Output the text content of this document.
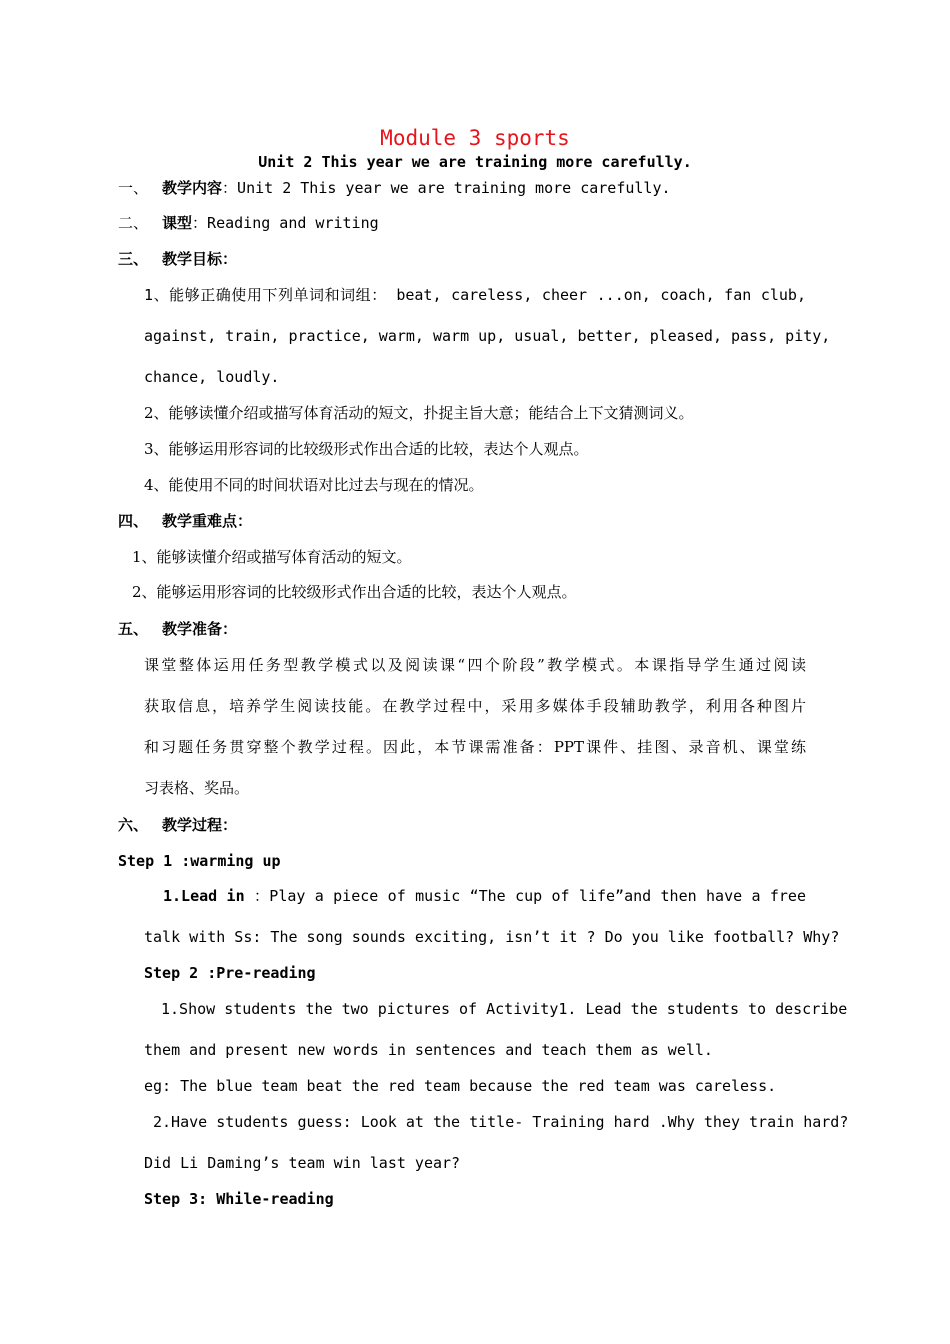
Module 3 sports
Unit 2 This year we are training more carefully.
一、 教学内容：Unit 2 This year we are training more carefully.
二、 课型：Reading and writing
三、 教学目标：
1、能够正确使用下列单词和词组： beat, careless, cheer ...on, coach, fan club,
against, train, practice, warm, warm up, usual, better, pleased, pass, pity,
chance, loudly.
2、能够读懂介绍或描写体育活动的短文，扑捉主旨大意；能结合上下文猜测词义。
3、能够运用形容词的比较级形式作出合适的比较，表达个人观点。
4、能使用不同的时间状语对比过去与现在的情况。
四、 教学重难点：
1、能够读懂介绍或描写体育活动的短文。
2、能够运用形容词的比较级形式作出合适的比较，表达个人观点。
五、 教学准备：
课堂整体运用任务型教学模式以及阅读课“四个阶段”教学模式。本课指导学生通过阅读
获取信息，培养学生阅读技能。在教学过程中，采用多媒体手段辅助教学，利用各种图片
和习题任务贯穿整个教学过程。因此，本节课需准备：PPT课件、挂图、录音机、课堂练
习表格、奖品。
六、 教学过程：
Step 1 :warming up
1.Lead in ：Play a piece of music “The cup of life”and then have a free
talk with Ss: The song sounds exciting, isn’t it ? Do you like football? Why?
Step 2 :Pre-reading
1.Show students the two pictures of Activity1. Lead the students to describe
them and present new words in sentences and teach them as well.
eg: The blue team beat the red team because the red team was careless.
2.Have students guess: Look at the title- Training hard .Why they train hard?
Did Li Daming’s team win last year?
Step 3: While-reading
